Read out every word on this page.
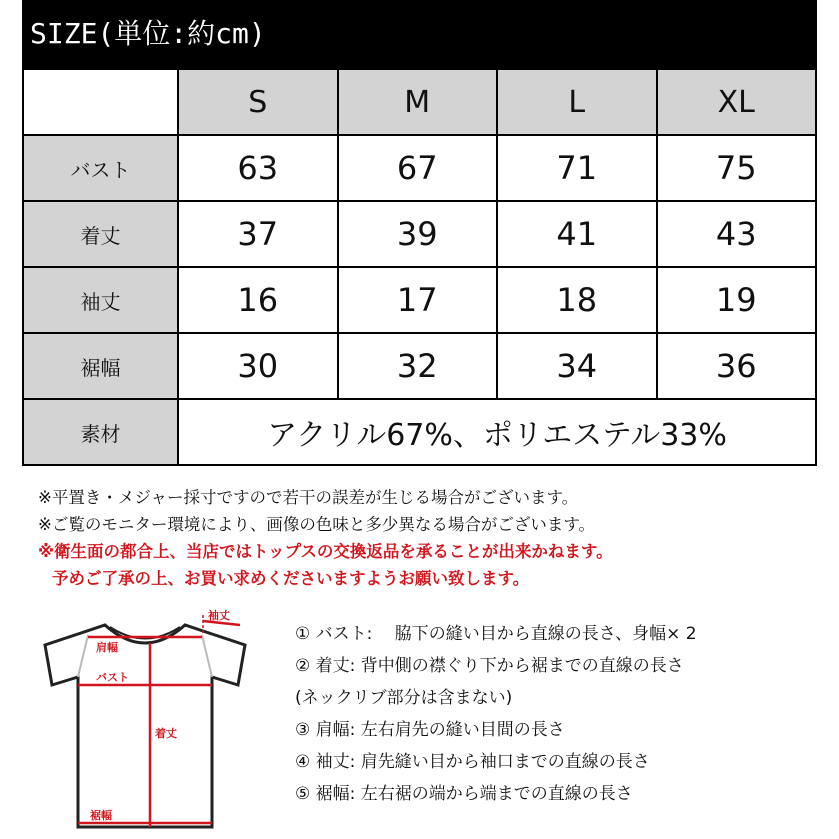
SIZE(単位:約cm)
	S	M	L	XL
バスト	63	67	71	75
着丈	37	39	41	43
袖丈	16	17	18	19
裾幅	30	32	34	36
素材	アクリル67%、ポリエステル33%			
※平置き・メジャー採寸ですので若干の誤差が生じる場合がございます。
※ご覧のモニター環境により、画像の色味と多少異なる場合がございます。
※衛生面の都合上、当店ではトップスの交換返品を承ることが出来かねます。
予めご了承の上、お買い求めくださいますようお願い致します。
袖丈
肩幅
バスト
着丈
裾幅
① バスト:　 脇下の縫い目から直線の長さ、身幅× 2
② 着丈: 背中側の襟ぐり下から裾までの直線の長さ
(ネックリブ部分は含まない)
③ 肩幅: 左右肩先の縫い目間の長さ
④ 袖丈: 肩先縫い目から袖口までの直線の長さ
⑤ 裾幅: 左右裾の端から端までの直線の長さ
